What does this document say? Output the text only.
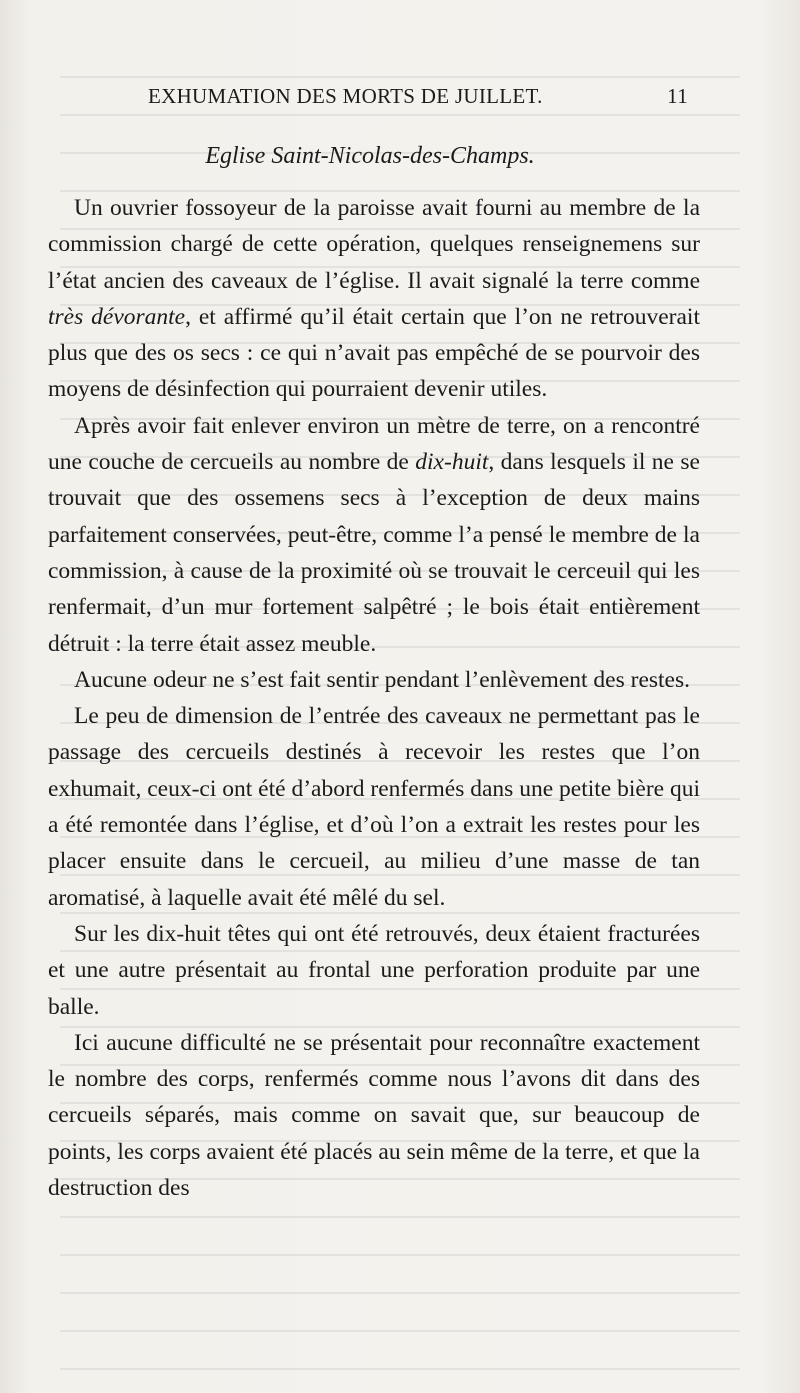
EXHUMATION DES MORTS DE JUILLET.	11
Eglise Saint-Nicolas-des-Champs.

Un ouvrier fossoyeur de la paroisse avait fourni au membre de la commission chargé de cette opération, quelques renseignemens sur l’état ancien des caveaux de l’église. Il avait signalé la terre comme très dévorante, et affirmé qu’il était certain que l’on ne retrouverait plus que des os secs : ce qui n’avait pas empêché de se pourvoir des moyens de désinfection qui pourraient devenir utiles.

Après avoir fait enlever environ un mètre de terre, on a rencontré une couche de cercueils au nombre de dix-huit, dans lesquels il ne se trouvait que des ossemens secs à l’exception de deux mains parfaitement conservées, peut-être, comme l’a pensé le membre de la commission, à cause de la proximité où se trouvait le cerceuil qui les renfermait, d’un mur fortement salpêtré ; le bois était entièrement détruit : la terre était assez meuble.

Aucune odeur ne s’est fait sentir pendant l’enlèvement des restes.

Le peu de dimension de l’entrée des caveaux ne permettant pas le passage des cercueils destinés à recevoir les restes que l’on exhumait, ceux-ci ont été d’abord renfermés dans une petite bière qui a été remontée dans l’église, et d’où l’on a extrait les restes pour les placer ensuite dans le cercueil, au milieu d’une masse de tan aromatisé, à laquelle avait été mêlé du sel.

Sur les dix-huit têtes qui ont été retrouvés, deux étaient fracturées et une autre présentait au frontal une perforation produite par une balle.

Ici aucune difficulté ne se présentait pour reconnaître exactement le nombre des corps, renfermés comme nous l’avons dit dans des cercueils séparés, mais comme on savait que, sur beaucoup de points, les corps avaient été placés au sein même de la terre, et que la destruction des
